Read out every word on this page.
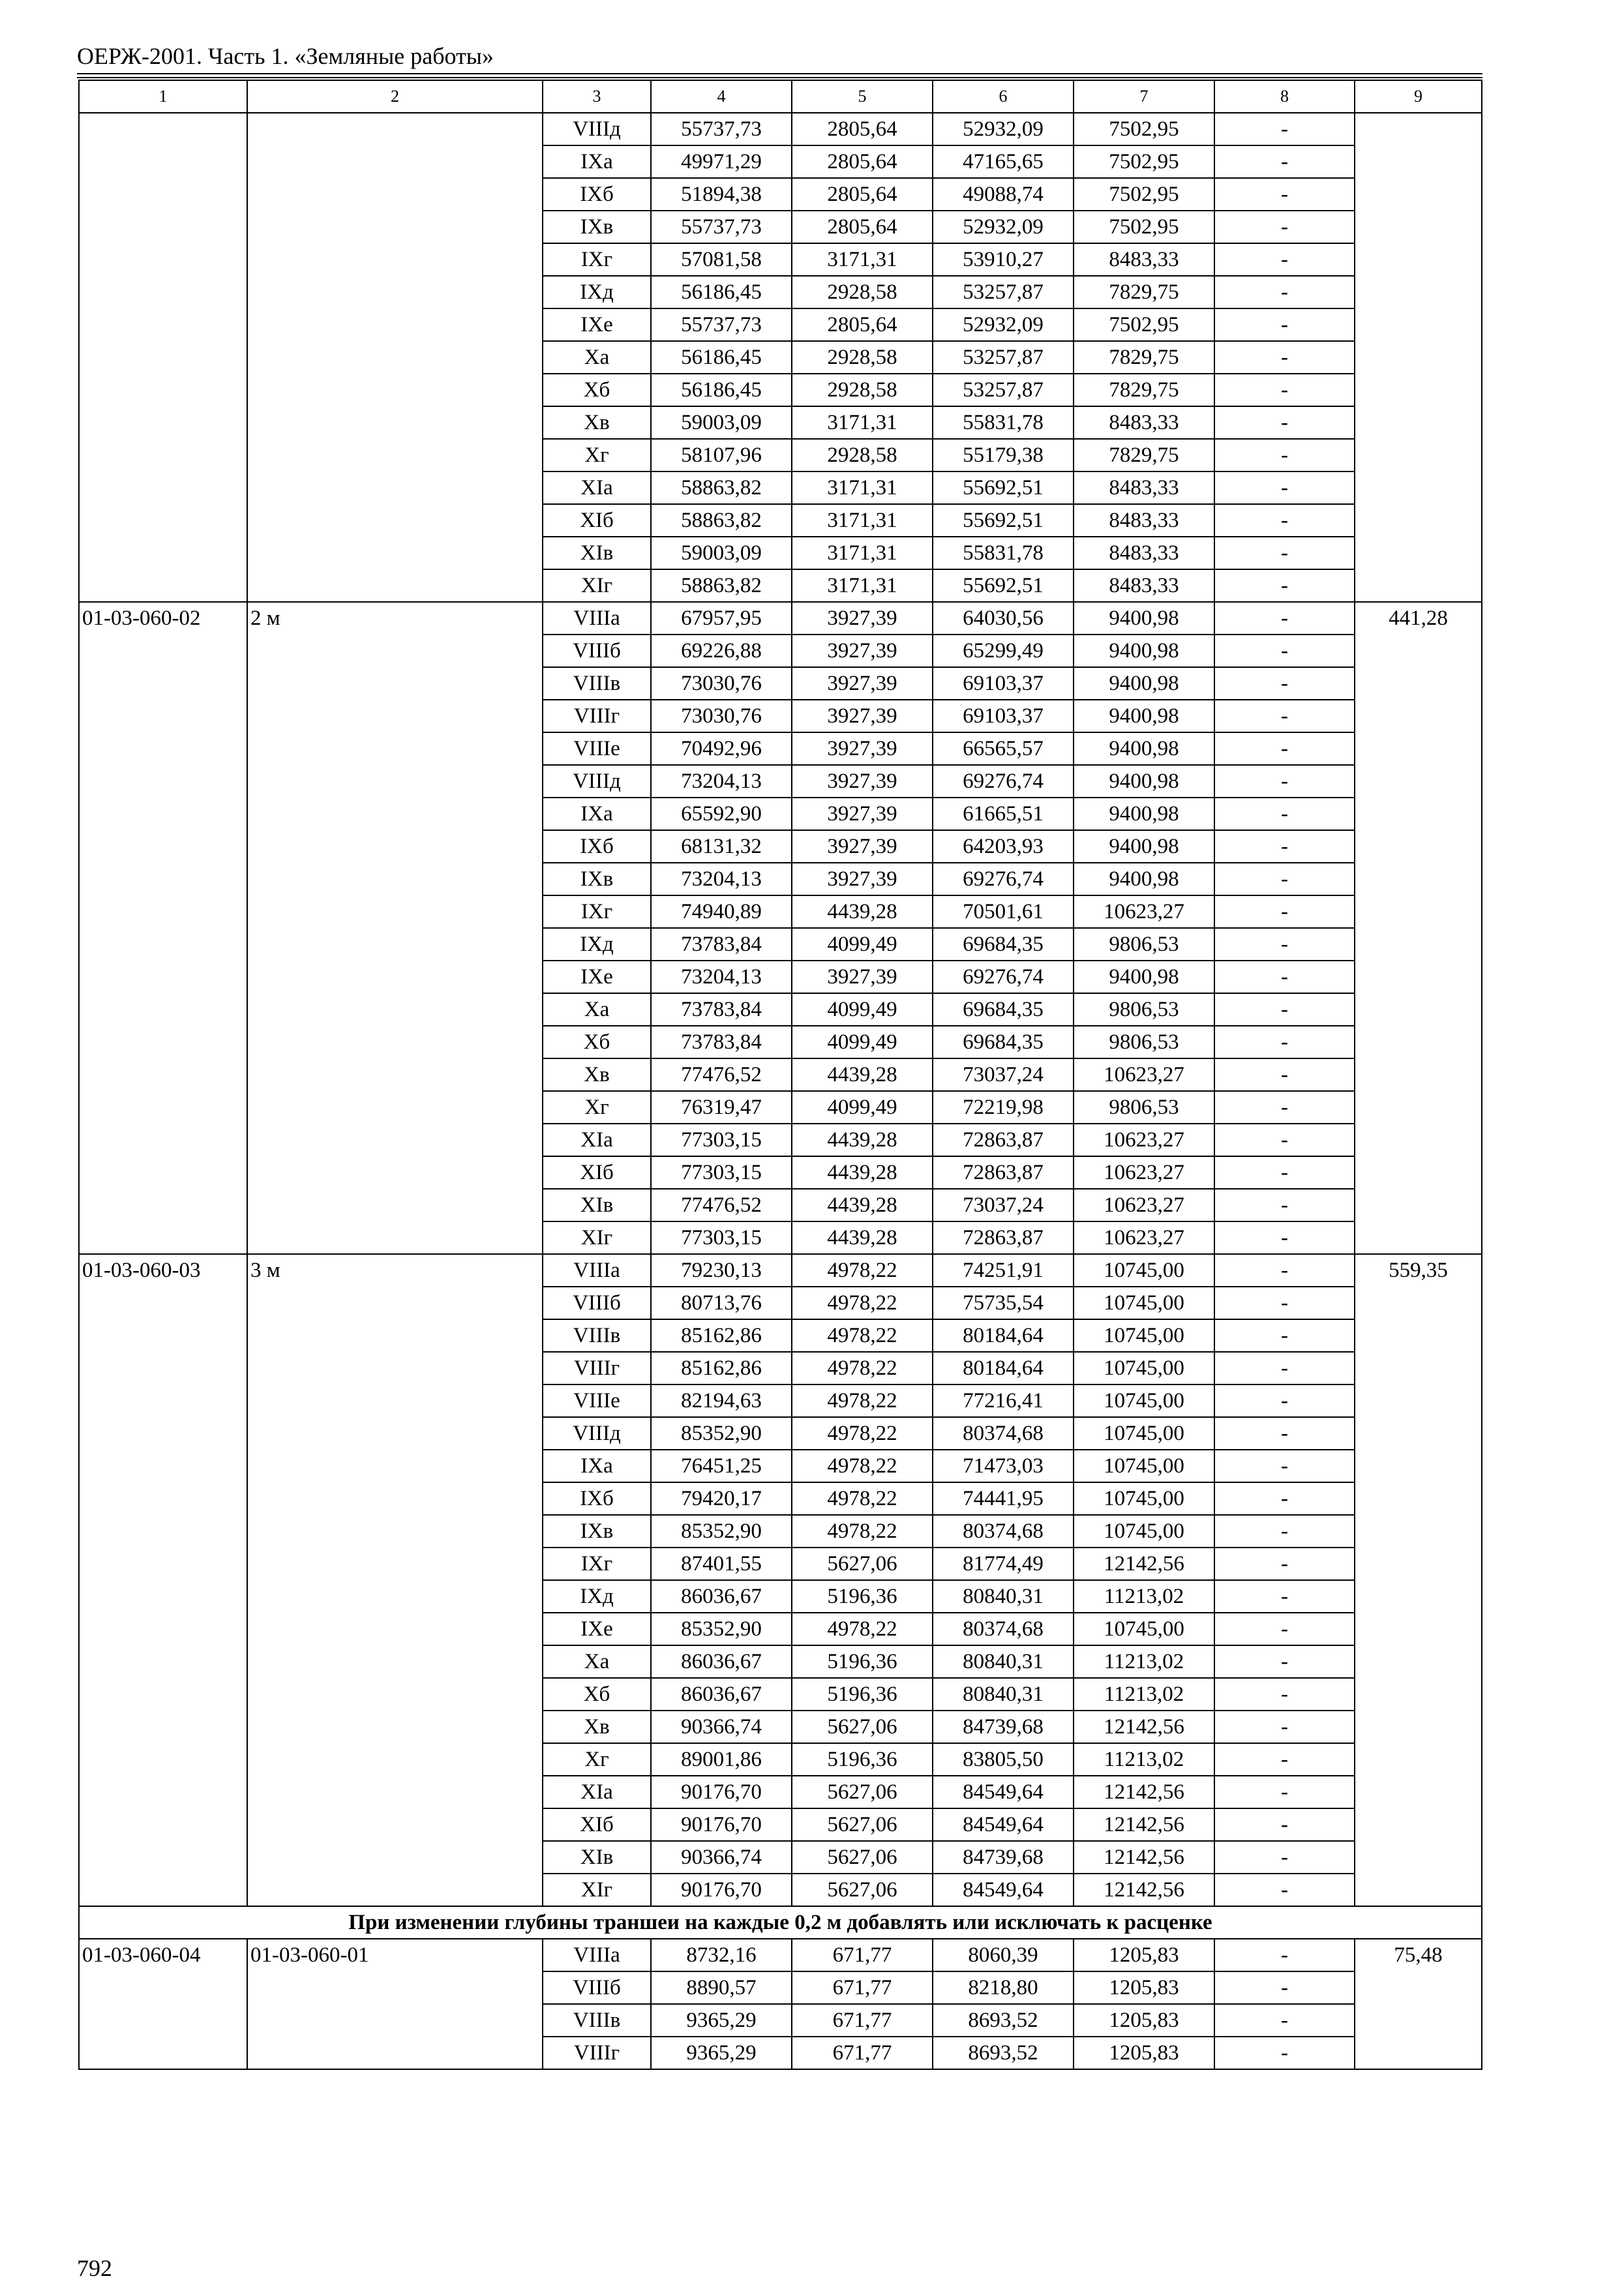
ОЕРЖ-2001. Часть 1. «Земляные работы»
1	2	3	4	5	6	7	8	9
		VIIIд	55737,73	2805,64	52932,09	7502,95	-	
		IXa	49971,29	2805,64	47165,65	7502,95	-	
		IXб	51894,38	2805,64	49088,74	7502,95	-	
		IXв	55737,73	2805,64	52932,09	7502,95	-	
		IXг	57081,58	3171,31	53910,27	8483,33	-	
		IXд	56186,45	2928,58	53257,87	7829,75	-	
		IXe	55737,73	2805,64	52932,09	7502,95	-	
		Xa	56186,45	2928,58	53257,87	7829,75	-	
		Xб	56186,45	2928,58	53257,87	7829,75	-	
		Xв	59003,09	3171,31	55831,78	8483,33	-	
		Xг	58107,96	2928,58	55179,38	7829,75	-	
		XIa	58863,82	3171,31	55692,51	8483,33	-	
		XIб	58863,82	3171,31	55692,51	8483,33	-	
		XIв	59003,09	3171,31	55831,78	8483,33	-	
		XIг	58863,82	3171,31	55692,51	8483,33	-	
01-03-060-02	2 м	VIIIa	67957,95	3927,39	64030,56	9400,98	-	441,28
		VIIIб	69226,88	3927,39	65299,49	9400,98	-	
		VIIIв	73030,76	3927,39	69103,37	9400,98	-	
		VIIIг	73030,76	3927,39	69103,37	9400,98	-	
		VIIIe	70492,96	3927,39	66565,57	9400,98	-	
		VIIIд	73204,13	3927,39	69276,74	9400,98	-	
		IXa	65592,90	3927,39	61665,51	9400,98	-	
		IXб	68131,32	3927,39	64203,93	9400,98	-	
		IXв	73204,13	3927,39	69276,74	9400,98	-	
		IXг	74940,89	4439,28	70501,61	10623,27	-	
		IXд	73783,84	4099,49	69684,35	9806,53	-	
		IXe	73204,13	3927,39	69276,74	9400,98	-	
		Xa	73783,84	4099,49	69684,35	9806,53	-	
		Xб	73783,84	4099,49	69684,35	9806,53	-	
		Xв	77476,52	4439,28	73037,24	10623,27	-	
		Xг	76319,47	4099,49	72219,98	9806,53	-	
		XIa	77303,15	4439,28	72863,87	10623,27	-	
		XIб	77303,15	4439,28	72863,87	10623,27	-	
		XIв	77476,52	4439,28	73037,24	10623,27	-	
		XIг	77303,15	4439,28	72863,87	10623,27	-	
01-03-060-03	3 м	VIIIa	79230,13	4978,22	74251,91	10745,00	-	559,35
		VIIIб	80713,76	4978,22	75735,54	10745,00	-	
		VIIIв	85162,86	4978,22	80184,64	10745,00	-	
		VIIIг	85162,86	4978,22	80184,64	10745,00	-	
		VIIIe	82194,63	4978,22	77216,41	10745,00	-	
		VIIIд	85352,90	4978,22	80374,68	10745,00	-	
		IXa	76451,25	4978,22	71473,03	10745,00	-	
		IXб	79420,17	4978,22	74441,95	10745,00	-	
		IXв	85352,90	4978,22	80374,68	10745,00	-	
		IXг	87401,55	5627,06	81774,49	12142,56	-	
		IXд	86036,67	5196,36	80840,31	11213,02	-	
		IXe	85352,90	4978,22	80374,68	10745,00	-	
		Xa	86036,67	5196,36	80840,31	11213,02	-	
		Xб	86036,67	5196,36	80840,31	11213,02	-	
		Xв	90366,74	5627,06	84739,68	12142,56	-	
		Xг	89001,86	5196,36	83805,50	11213,02	-	
		XIa	90176,70	5627,06	84549,64	12142,56	-	
		XIб	90176,70	5627,06	84549,64	12142,56	-	
		XIв	90366,74	5627,06	84739,68	12142,56	-	
		XIг	90176,70	5627,06	84549,64	12142,56	-	
При изменении глубины траншеи на каждые 0,2 м добавлять или исключать к расценке								
01-03-060-04	01-03-060-01	VIIIa	8732,16	671,77	8060,39	1205,83	-	75,48
		VIIIб	8890,57	671,77	8218,80	1205,83	-	
		VIIIв	9365,29	671,77	8693,52	1205,83	-	
		VIIIг	9365,29	671,77	8693,52	1205,83	-	
792
